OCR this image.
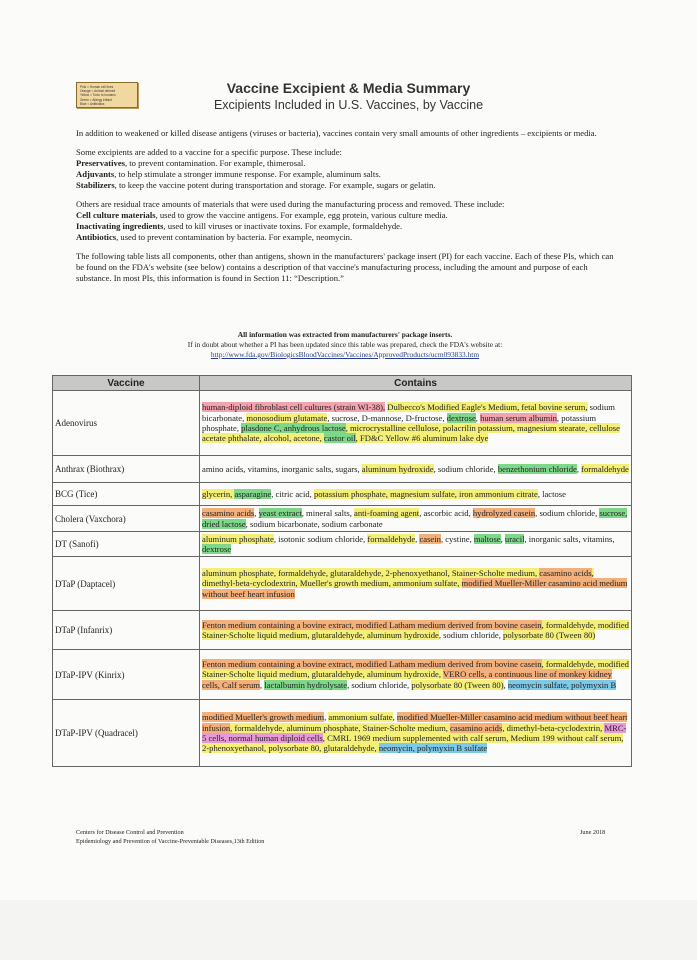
Pink = Human cell lines
Orange = Animal derived
Yellow = Toxic to humans
Green = Allergy irritant
Blue = Antibiotics
Vaccine Excipient & Media Summary
Excipients Included in U.S. Vaccines, by Vaccine

In addition to weakened or killed disease antigens (viruses or bacteria), vaccines contain very small amounts of other ingredients – excipients or media.

Some excipients are added to a vaccine for a specific purpose. These include:
Preservatives, to prevent contamination. For example, thimerosal.
Adjuvants, to help stimulate a stronger immune response. For example, aluminum salts.
Stabilizers, to keep the vaccine potent during transportation and storage. For example, sugars or gelatin.

Others are residual trace amounts of materials that were used during the manufacturing process and removed. These include:
Cell culture materials, used to grow the vaccine antigens. For example, egg protein, various culture media.
Inactivating ingredients, used to kill viruses or inactivate toxins. For example, formaldehyde.
Antibiotics, used to prevent contamination by bacteria. For example, neomycin.

The following table lists all components, other than antigens, shown in the manufacturers' package insert (PI) for each vaccine. Each of these PIs, which can be found on the FDA's website (see below) contains a description of that vaccine's manufacturing process, including the amount and purpose of each substance. In most PIs, this information is found in Section 11: “Description.”

All information was extracted from manufacturers' package inserts.
If in doubt about whether a PI has been updated since this table was prepared, check the FDA's website at:
http://www.fda.gov/BiologicsBloodVaccines/Vaccines/ApprovedProducts/ucm093833.htm
Vaccine	Contains
Adenovirus	human-diploid fibroblast cell cultures (strain WI-38), Dulbecco's Modified Eagle's Medium, fetal bovine serum, sodium bicarbonate, monosodium glutamate, sucrose, D-mannose, D-fructose, dextrose, human serum albumin, potassium phosphate, plasdone C, anhydrous lactose, microcrystalline cellulose, polacrilin potassium, magnesium stearate, cellulose acetate phthalate, alcohol, acetone, castor oil, FD&C Yellow #6 aluminum lake dye
Anthrax (Biothrax)	amino acids, vitamins, inorganic salts, sugars, aluminum hydroxide, sodium chloride, benzethonium chloride, formaldehyde
BCG (Tice)	glycerin, asparagine, citric acid, potassium phosphate, magnesium sulfate, iron ammonium citrate, lactose
Cholera (Vaxchora)	casamino acids, yeast extract, mineral salts, anti-foaming agent, ascorbic acid, hydrolyzed casein, sodium chloride, sucrose, dried lactose, sodium bicarbonate, sodium carbonate
DT (Sanofi)	aluminum phosphate, isotonic sodium chloride, formaldehyde, casein, cystine, maltose, uracil, inorganic salts, vitamins, dextrose
DTaP (Daptacel)	aluminum phosphate, formaldehyde, glutaraldehyde, 2-phenoxyethanol, Stainer-Scholte medium, casamino acids, dimethyl-beta-cyclodextrin, Mueller's growth medium, ammonium sulfate, modified Mueller-Miller casamino acid medium without beef heart infusion
DTaP (Infanrix)	Fenton medium containing a bovine extract, modified Latham medium derived from bovine casein, formaldehyde, modified Stainer-Scholte liquid medium, glutaraldehyde, aluminum hydroxide, sodium chloride, polysorbate 80 (Tween 80)
DTaP-IPV (Kinrix)	Fenton medium containing a bovine extract, modified Latham medium derived from bovine casein, formaldehyde, modified Stainer-Scholte liquid medium, glutaraldehyde, aluminum hydroxide, VERO cells, a continuous line of monkey kidney cells, Calf serum, lactalbumin hydrolysate, sodium chloride, polysorbate 80 (Tween 80), neomycin sulfate, polymyxin B
DTaP-IPV (Quadracel)	modified Mueller's growth medium, ammonium sulfate, modified Mueller-Miller casamino acid medium without beef heart infusion, formaldehyde, aluminum phosphate, Stainer-Scholte medium, casamino acids, dimethyl-beta-cyclodextrin, MRC-5 cells, normal human diploid cells, CMRL 1969 medium supplemented with calf serum, Medium 199 without calf serum, 2-phenoxyethanol, polysorbate 80, glutaraldehyde, neomycin, polymyxin B sulfate
Centers for Disease Control and Prevention
Epidemiology and Prevention of Vaccine-Preventable Diseases,13th Edition
June 2018
